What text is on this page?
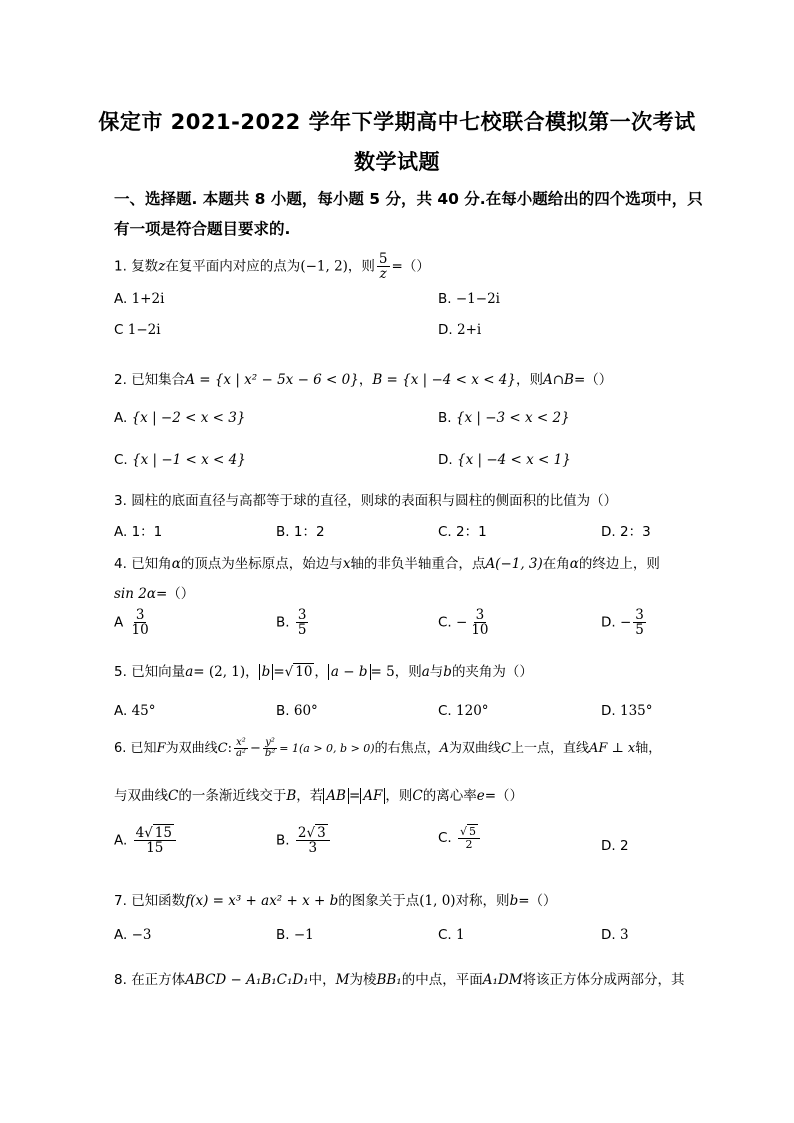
保定市 2021-2022 学年下学期高中七校联合模拟第一次考试
数学试题
一、选择题. 本题共 8 小题，每小题 5 分，共 40 分.在每小题给出的四个选项中，只
有一项是符合题目要求的.
1. 复数z在复平面内对应的点为(−1, 2)，则 $\frac{5}{z}$ =（）
A. 1+2i	B. −1−2i
C 1−2i	D. 2+i
2. 已知集合A = {x | x² − 5x − 6 < 0}，B = {x | −4 < x < 4}，则A∩B=（）
A. {x | −2 < x < 3}	B. {x | −3 < x < 2}
C. {x | −1 < x < 4}	D. {x | −4 < x < 1}
3. 圆柱的底面直径与高都等于球的直径，则球的表面积与圆柱的侧面积的比值为（）
A. 1：1	B. 1：2	C. 2：1	D. 2：3
4. 已知角α的顶点为坐标原点，始边与x轴的非负半轴重合，点A(−1, 3)在角α的终边上，则
sin 2α=（）
A $\frac{3}{10}$	B. $\frac{3}{5}$	C. − $\frac{3}{10}$	D. − $\frac{3}{5}$
5. 已知向量a= (2, 1)， b =√ 10 ， a − b = 5，则a与b的夹角为（）
A. 45°	B. 60°	C. 120°	D. 135°
6. 已知F为双曲线C: $\frac{\text{x²}}{\text{a²}} - \frac{\text{y²}}{\text{b²}} = 1(a > 0$, b > 0)的右焦点，A为双曲线C上一点，直线AF ⊥ x轴，
与双曲线C的一条渐近线交于B，若 AB = AF ，则C的离心率e=（）
A. $\frac{4√ 15}{15}$	B. $\frac{2√ 3}{3}$	C. $\frac{√ 5}{2}$	D. 2
7. 已知函数f(x) = x³ + ax² + x + b的图象关于点(1, 0)对称，则b=（）
A. −3	B. −1	C. 1	D. 3
8. 在正方体ABCD − A₁B₁C₁D₁中，M为棱BB₁的中点，平面A₁DM将该正方体分成两部分，其
